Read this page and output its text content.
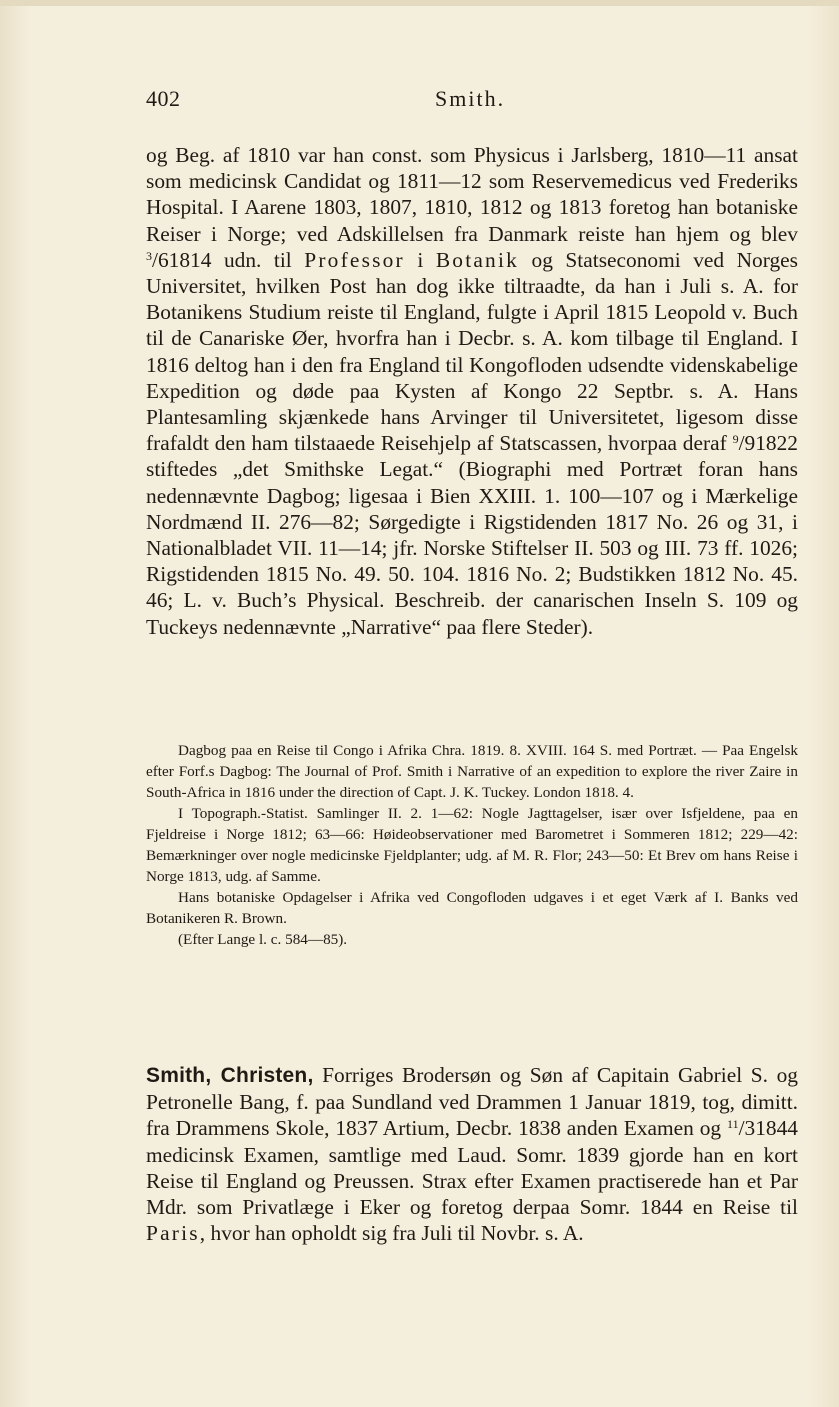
402	Smith.

og Beg. af 1810 var han const. som Physicus i Jarlsberg, 1810—11 ansat som medicinsk Candidat og 1811—12 som Reservemedicus ved Frederiks Hospital. I Aarene 1803, 1807, 1810, 1812 og 1813 foretog han botaniske Reiser i Norge; ved Adskillelsen fra Danmark reiste han hjem og blev $^3$/61814 udn. til Professor i Botanik og Statseconomi ved Norges Universitet, hvilken Post han dog ikke tiltraadte, da han i Juli s. A. for Botanikens Studium reiste til England, fulgte i April 1815 Leopold v. Buch til de Canariske Øer, hvorfra han i Decbr. s. A. kom tilbage til England. I 1816 deltog han i den fra England til Kongofloden udsendte videnskabelige Expedition og døde paa Kysten af Kongo 22 Septbr. s. A. Hans Plantesamling skjænkede hans Arvinger til Universitetet, ligesom disse frafaldt den ham tilstaaede Reisehjelp af Statscassen, hvorpaa deraf $^9$/91822 stiftedes „det Smithske Legat.“ (Biographi med Portræt foran hans nedennævnte Dagbog; ligesaa i Bien XXIII. 1. 100—107 og i Mærkelige Nordmænd II. 276—82; Sørgedigte i Rigstidenden 1817 No. 26 og 31, i Nationalbladet VII. 11—14; jfr. Norske Stiftelser II. 503 og III. 73 ff. 1026; Rigstidenden 1815 No. 49. 50. 104. 1816 No. 2; Budstikken 1812 No. 45. 46; L. v. Buch’s Physical. Beschreib. der canarischen Inseln S. 109 og Tuckeys nedennævnte „Narrative“ paa flere Steder).

Dagbog paa en Reise til Congo i Afrika Chra. 1819. 8. XVIII. 164 S. med Portræt. — Paa Engelsk efter Forf.s Dagbog: The Journal of Prof. Smith i Narrative of an expedition to explore the river Zaire in South-Africa in 1816 under the direction of Capt. J. K. Tuckey. London 1818. 4.

I Topograph.-Statist. Samlinger II. 2. 1—62: Nogle Jagttagelser, især over Isfjeldene, paa en Fjeldreise i Norge 1812; 63—66: Høideobservationer med Barometret i Sommeren 1812; 229—42: Bemærkninger over nogle medicinske Fjeldplanter; udg. af M. R. Flor; 243—50: Et Brev om hans Reise i Norge 1813, udg. af Samme.

Hans botaniske Opdagelser i Afrika ved Congofloden udgaves i et eget Værk af I. Banks ved Botanikeren R. Brown.

(Efter Lange l. c. 584—85).

Smith, Christen, Forriges Brodersøn og Søn af Capitain Gabriel S. og Petronelle Bang, f. paa Sundland ved Drammen 1 Januar 1819, tog, dimitt. fra Drammens Skole, 1837 Artium, Decbr. 1838 anden Examen og $^{11}$/31844 medicinsk Examen, samtlige med Laud. Somr. 1839 gjorde han en kort Reise til England og Preussen. Strax efter Examen practiserede han et Par Mdr. som Privatlæge i Eker og foretog derpaa Somr. 1844 en Reise til Paris, hvor han opholdt sig fra Juli til Novbr. s. A.
